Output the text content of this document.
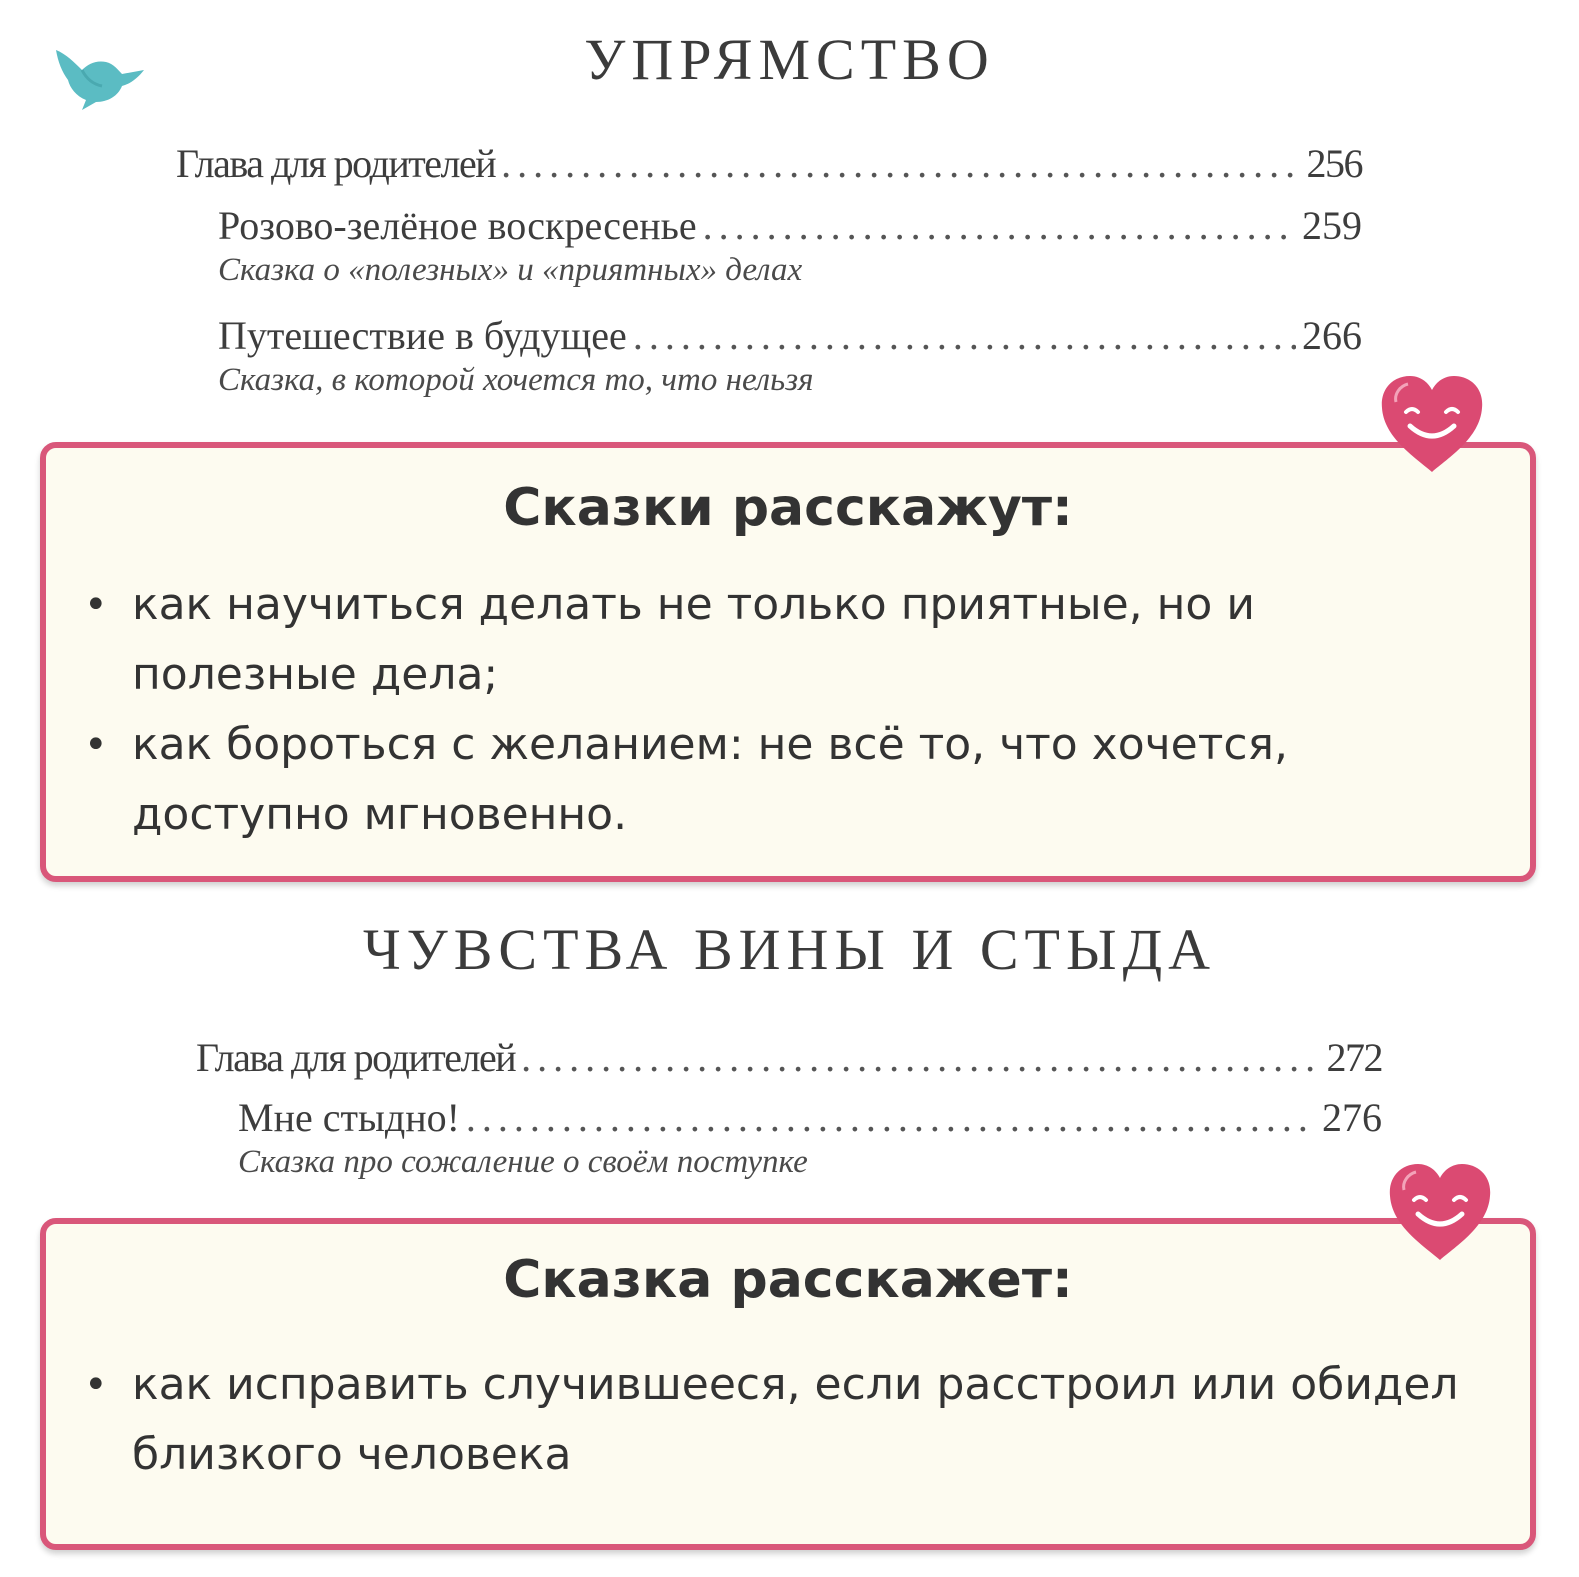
УПРЯМСТВО
Глава для родителей .....	256
Розово-зелёное воскресенье .....	259
Сказка о «полезных» и «приятных» делах
Путешествие в будущее .....	266
Сказка, в которой хочется то, что нельзя
Сказки расскажут:
• как научиться делать не только приятные, но и полезные дела;
• как бороться с желанием: не всё то, что хочется, доступно мгновенно.
ЧУВСТВА ВИНЫ И СТЫДА
Глава для родителей .....	272
Мне стыдно! .....	276
Сказка про сожаление о своём поступке
Сказка расскажет:
• как исправить случившееся, если расстроил или обидел близкого человека
